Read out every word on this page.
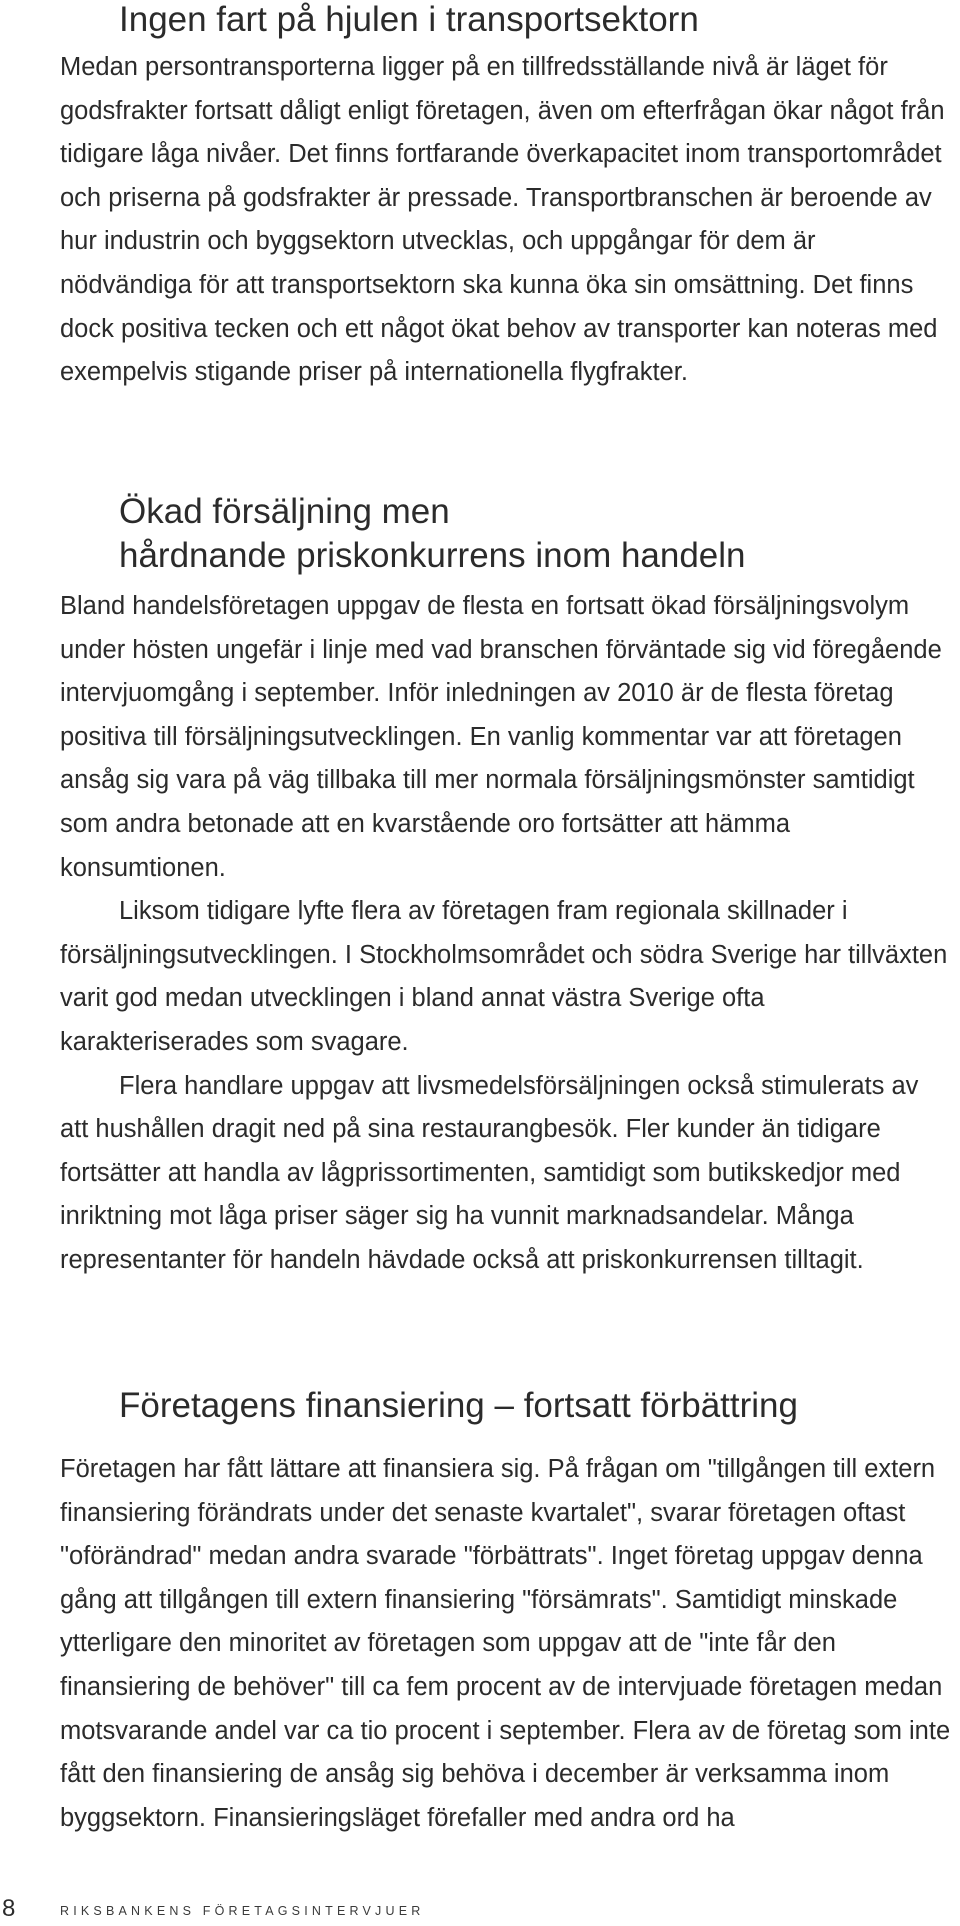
Ingen fart på hjulen i transportsektorn

Medan persontransporterna ligger på en tillfredsställande nivå är läget för godsfrakter fortsatt dåligt enligt företagen, även om efterfrågan ökar något från tidigare låga nivåer. Det finns fortfarande överkapacitet inom transportområdet och priserna på godsfrakter är pressade. Transportbranschen är beroende av hur industrin och byggsektorn utvecklas, och uppgångar för dem är nödvändiga för att transportsektorn ska kunna öka sin omsättning. Det finns dock positiva tecken och ett något ökat behov av transporter kan noteras med exempelvis stigande priser på internationella flygfrakter.

Ökad försäljning men
hårdnande priskonkurrens inom handeln

Bland handelsföretagen uppgav de flesta en fortsatt ökad försäljningsvolym under hösten ungefär i linje med vad branschen förväntade sig vid föregående intervjuomgång i september. Inför inledningen av 2010 är de flesta företag positiva till försäljningsutvecklingen. En vanlig kommentar var att företagen ansåg sig vara på väg tillbaka till mer normala försäljningsmönster samtidigt som andra betonade att en kvarstående oro fortsätter att hämma konsumtionen.

Liksom tidigare lyfte flera av företagen fram regionala skillnader i försäljningsutvecklingen. I Stockholmsområdet och södra Sverige har tillväxten varit god medan utvecklingen i bland annat västra Sverige ofta karakteriserades som svagare.

Flera handlare uppgav att livsmedelsförsäljningen också stimulerats av att hushållen dragit ned på sina restaurangbesök. Fler kunder än tidigare fortsätter att handla av lågprissortimenten, samtidigt som butikskedjor med inriktning mot låga priser säger sig ha vunnit marknadsandelar. Många representanter för handeln hävdade också att priskonkurrensen tilltagit.

Företagens finansiering – fortsatt förbättring

Företagen har fått lättare att finansiera sig. På frågan om "tillgången till extern finansiering förändrats under det senaste kvartalet", svarar företagen oftast "oförändrad" medan andra svarade "förbättrats". Inget företag uppgav denna gång att tillgången till extern finansiering "försämrats". Samtidigt minskade ytterligare den minoritet av företagen som uppgav att de "inte får den finansiering de behöver" till ca fem procent av de intervjuade företagen medan motsvarande andel var ca tio procent i september. Flera av de företag som inte fått den finansiering de ansåg sig behöva i december är verksamma inom byggsektorn. Finansieringsläget förefaller med andra ord ha

8	RIKSBANKENS FÖRETAGSINTERVJUER
